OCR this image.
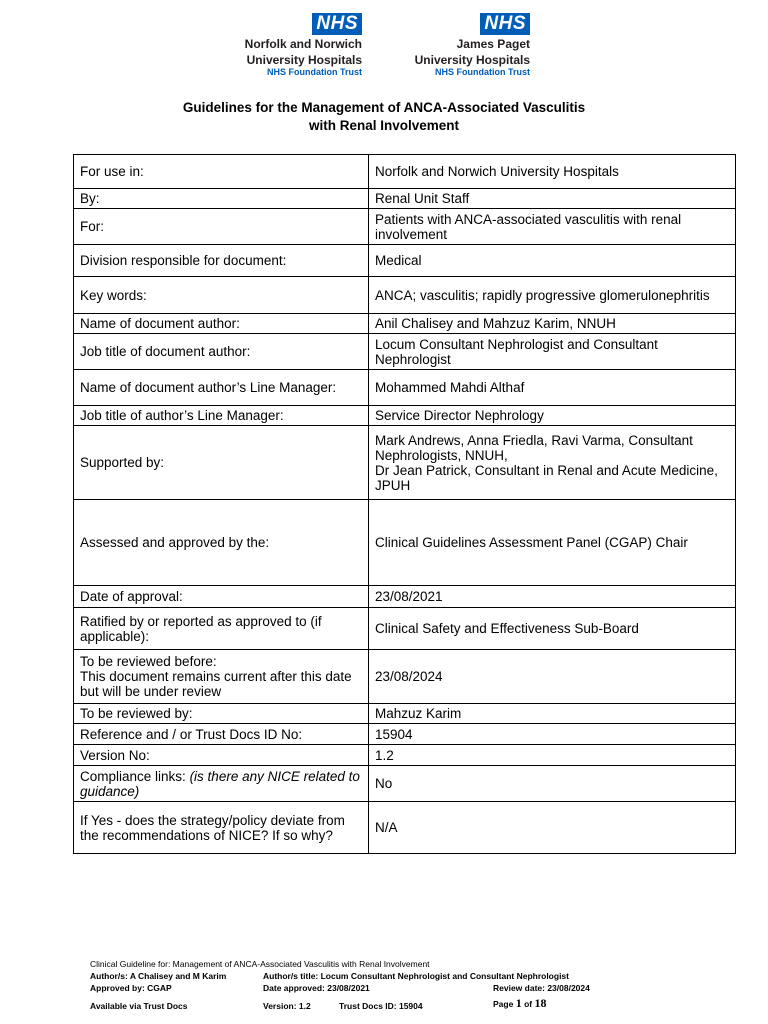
NHS
Norfolk and Norwich
University Hospitals
NHS Foundation Trust
NHS
James Paget
University Hospitals
NHS Foundation Trust
Guidelines for the Management of ANCA-Associated Vasculitis
with Renal Involvement
For use in:	Norfolk and Norwich University Hospitals
By:	Renal Unit Staff
For:	Patients with ANCA-associated vasculitis with renal involvement
Division responsible for document:	Medical
Key words:	ANCA; vasculitis; rapidly progressive glomerulonephritis
Name of document author:	Anil Chalisey and Mahzuz Karim, NNUH
Job title of document author:	Locum Consultant Nephrologist and Consultant Nephrologist
Name of document author’s Line Manager:	Mohammed Mahdi Althaf
Job title of author’s Line Manager:	Service Director Nephrology
Supported by:	Mark Andrews, Anna Friedla, Ravi Varma, Consultant Nephrologists, NNUH,
Dr Jean Patrick, Consultant in Renal and Acute Medicine, JPUH
Assessed and approved by the:	Clinical Guidelines Assessment Panel (CGAP) Chair
Date of approval:	23/08/2021
Ratified by or reported as approved to (if applicable):	Clinical Safety and Effectiveness Sub-Board
To be reviewed before:
This document remains current after this date but will be under review	23/08/2024
To be reviewed by:	Mahzuz Karim
Reference and / or Trust Docs ID No:	15904
Version No:	1.2
Compliance links: (is there any NICE related to guidance)	No
If Yes - does the strategy/policy deviate from the recommendations of NICE? If so why?	N/A
Clinical Guideline for: Management of ANCA-Associated Vasculitis with Renal Involvement
Author/s: A Chalisey and M Karim	Author/s title: Locum Consultant Nephrologist and Consultant Nephrologist
Approved by: CGAP	Date approved: 23/08/2021	Review date: 23/08/2024
Available via Trust Docs	Version: 1.2	Trust Docs ID: 15904	Page 1 of 18
